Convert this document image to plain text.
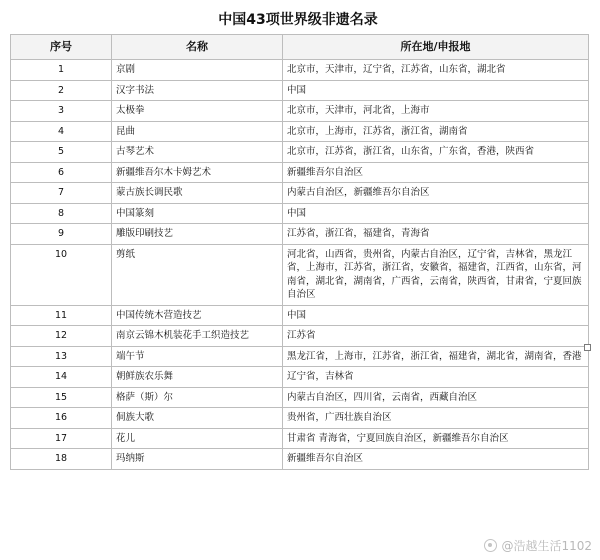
中国43项世界级非遗名录
序号	名称	所在地/申报地
1	京剧	北京市，天津市，辽宁省，江苏省，山东省，湖北省
2	汉字书法	中国
3	太极拳	北京市，天津市，河北省，上海市
4	昆曲	北京市，上海市，江苏省，浙江省，湖南省
5	古琴艺术	北京市，江苏省，浙江省，山东省，广东省，香港，陕西省
6	新疆维吾尔木卡姆艺术	新疆维吾尔自治区
7	蒙古族长调民歌	内蒙古自治区，新疆维吾尔自治区
8	中国篆刻	中国
9	雕版印刷技艺	江苏省，浙江省，福建省，青海省
10	剪纸	河北省，山西省，贵州省，内蒙古自治区，辽宁省，吉林省，黑龙江省，上海市，江苏省，浙江省，安徽省，福建省，江西省，山东省，河南省，湖北省，湖南省，广西省，云南省，陕西省，甘肃省，宁夏回族自治区
11	中国传统木营造技艺	中国
12	南京云锦木机装花手工织造技艺	江苏省
13	端午节	黑龙江省，上海市，江苏省，浙江省，福建省，湖北省，湖南省，香港
14	朝鲜族农乐舞	辽宁省，吉林省
15	格萨（斯）尔	内蒙古自治区，四川省，云南省，西藏自治区
16	侗族大歌	贵州省，广西壮族自治区
17	花儿	甘肃省 青海省，宁夏回族自治区，新疆维吾尔自治区
18	玛纳斯	新疆维吾尔自治区
@浩越生活1102
